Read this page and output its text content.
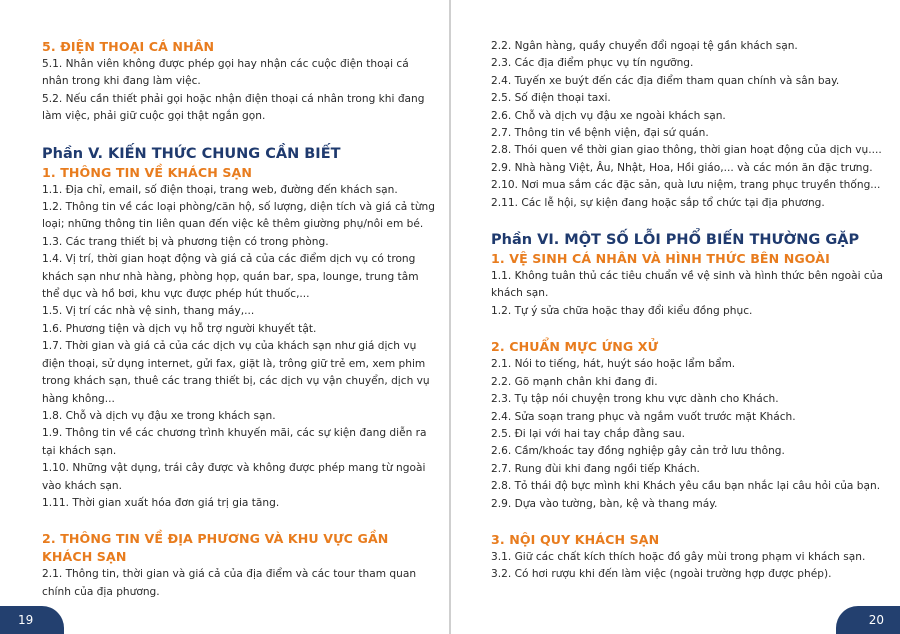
5. ĐIỆN THOẠI CÁ NHÂN
5.1. Nhân viên không được phép gọi hay nhận các cuộc điện thoại cá
nhân trong khi đang làm việc.
5.2. Nếu cần thiết phải gọi hoặc nhận điện thoại cá nhân trong khi đang
làm việc, phải giữ cuộc gọi thật ngắn gọn.
Phần V. KIẾN THỨC CHUNG CẦN BIẾT
1. THÔNG TIN VỀ KHÁCH SẠN
1.1. Địa chỉ, email, số điện thoại, trang web, đường đến khách sạn.
1.2. Thông tin về các loại phòng/căn hộ, số lượng, diện tích và giá cả từng
loại; những thông tin liên quan đến việc kê thêm giường phụ/nôi em bé.
1.3. Các trang thiết bị và phương tiện có trong phòng.
1.4. Vị trí, thời gian hoạt động và giá cả của các điểm dịch vụ có trong
khách sạn như nhà hàng, phòng họp, quán bar, spa, lounge, trung tâm
thể dục và hồ bơi, khu vực được phép hút thuốc,...
1.5. Vị trí các nhà vệ sinh, thang máy,...
1.6. Phương tiện và dịch vụ hỗ trợ người khuyết tật.
1.7. Thời gian và giá cả của các dịch vụ của khách sạn như giá dịch vụ
điện thoại, sử dụng internet, gửi fax, giặt là, trông giữ trẻ em, xem phim
trong khách sạn, thuê các trang thiết bị, các dịch vụ vận chuyển, dịch vụ
hàng không...
1.8. Chỗ và dịch vụ đậu xe trong khách sạn.
1.9. Thông tin về các chương trình khuyến mãi, các sự kiện đang diễn ra
tại khách sạn.
1.10. Những vật dụng, trái cây được và không được phép mang từ ngoài
vào khách sạn.
1.11. Thời gian xuất hóa đơn giá trị gia tăng.
2. THÔNG TIN VỀ ĐỊA PHƯƠNG VÀ KHU VỰC GẦN KHÁCH SẠN
2.1. Thông tin, thời gian và giá cả của địa điểm và các tour tham quan
chính của địa phương.
19
2.2. Ngân hàng, quầy chuyển đổi ngoại tệ gần khách sạn.
2.3. Các địa điểm phục vụ tín ngưỡng.
2.4. Tuyến xe buýt đến các địa điểm tham quan chính và sân bay.
2.5. Số điện thoại taxi.
2.6. Chỗ và dịch vụ đậu xe ngoài khách sạn.
2.7. Thông tin về bệnh viện, đại sứ quán.
2.8. Thói quen về thời gian giao thông, thời gian hoạt động của dịch vụ....
2.9. Nhà hàng Việt, Âu, Nhật, Hoa, Hồi giáo,... và các món ăn đặc trưng.
2.10. Nơi mua sắm các đặc sản, quà lưu niệm, trang phục truyền thống...
2.11. Các lễ hội, sự kiện đang hoặc sắp tổ chức tại địa phương.
Phần VI. MỘT SỐ LỖI PHỔ BIẾN THƯỜNG GẶP
1. VỆ SINH CÁ NHÂN VÀ HÌNH THỨC BÊN NGOÀI
1.1. Không tuân thủ các tiêu chuẩn về vệ sinh và hình thức bên ngoài của
khách sạn.
1.2. Tự ý sửa chữa hoặc thay đổi kiểu đồng phục.
2. CHUẨN MỰC ỨNG XỬ
2.1. Nói to tiếng, hát, huýt sáo hoặc lẩm bẩm.
2.2. Gõ mạnh chân khi đang đi.
2.3. Tụ tập nói chuyện trong khu vực dành cho Khách.
2.4. Sửa soạn trang phục và ngắm vuốt trước mặt Khách.
2.5. Đi lại với hai tay chắp đằng sau.
2.6. Cầm/khoác tay đồng nghiệp gây cản trở lưu thông.
2.7. Rung đùi khi đang ngồi tiếp Khách.
2.8. Tỏ thái độ bực mình khi Khách yêu cầu bạn nhắc lại câu hỏi của bạn.
2.9. Dựa vào tường, bàn, kệ và thang máy.
3. NỘI QUY KHÁCH SẠN
3.1. Giữ các chất kích thích hoặc đồ gây mùi trong phạm vi khách sạn.
3.2. Có hơi rượu khi đến làm việc (ngoài trường hợp được phép).
20
